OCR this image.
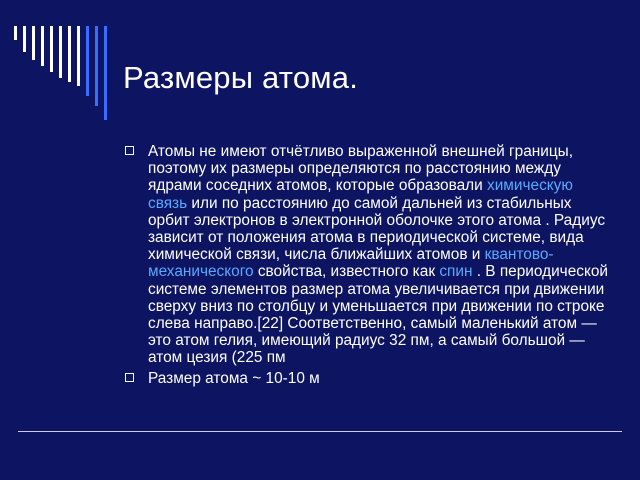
Размеры атома.
Атомы не имеют отчётливо выраженной внешней границы, поэтому их размеры определяются по расстоянию между ядрами соседних атомов, которые образовали химическую связь или по расстоянию до самой дальней из стабильных орбит электронов в электронной оболочке этого атома . Радиус зависит от положения атома в периодической системе, вида химической связи, числа ближайших атомов и квантово-механического свойства, известного как спин . В периодической системе элементов размер атома увеличивается при движении сверху вниз по столбцу и уменьшается при движении по строке слева направо.[22] Соответственно, самый маленький атом — это атом гелия, имеющий радиус 32 пм, а самый большой — атом цезия (225 пм
Размер атома ~ 10-10 м
